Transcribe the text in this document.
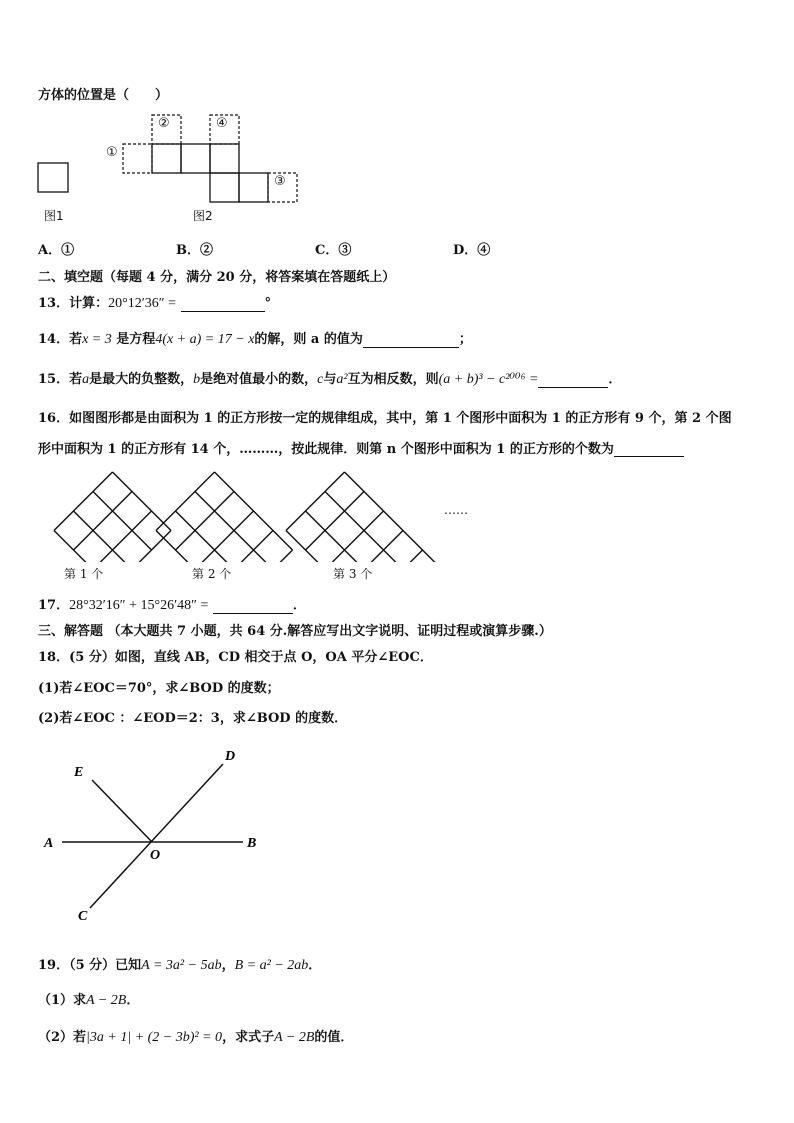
方体的位置是（　　）
①
②
③
④
图1	图2
A．①	B．②	C．③	D．④
二、填空题（每题 4 分，满分 20 分，将答案填在答题纸上）
13．计算：20°12′36″ =	°
14．若x = 3 是方程4(x + a) = 17 − x的解，则 a 的值为	；
15．若a是最大的负整数，b是绝对值最小的数，c与a²互为相反数，则(a + b)³ − c²⁰⁰⁶ =	．
16．如图图形都是由面积为 1 的正方形按一定的规律组成，其中，第 1 个图形中面积为 1 的正方形有 9 个，第 2 个图
形中面积为 1 的正方形有 14 个，………，按此规律．则第 n 个图形中面积为 1 的正方形的个数为
第 1 个	第 2 个	第 3 个
……
17．28°32′16″ + 15°26′48″ =	．
三、解答题 （本大题共 7 小题，共 64 分.解答应写出文字说明、证明过程或演算步骤.）
18．(5 分）如图，直线 AB，CD 相交于点 O，OA 平分∠EOC．
(1)若∠EOC＝70°，求∠BOD 的度数；
(2)若∠EOC ：∠EOD＝2：3，求∠BOD 的度数．
E
D
A
O
B
C
19．（5 分）已知A = 3a² − 5ab，B = a² − 2ab．
（1）求A − 2B．
（2）若|3a + 1| + (2 − 3b)² = 0，求式子A − 2B的值．
